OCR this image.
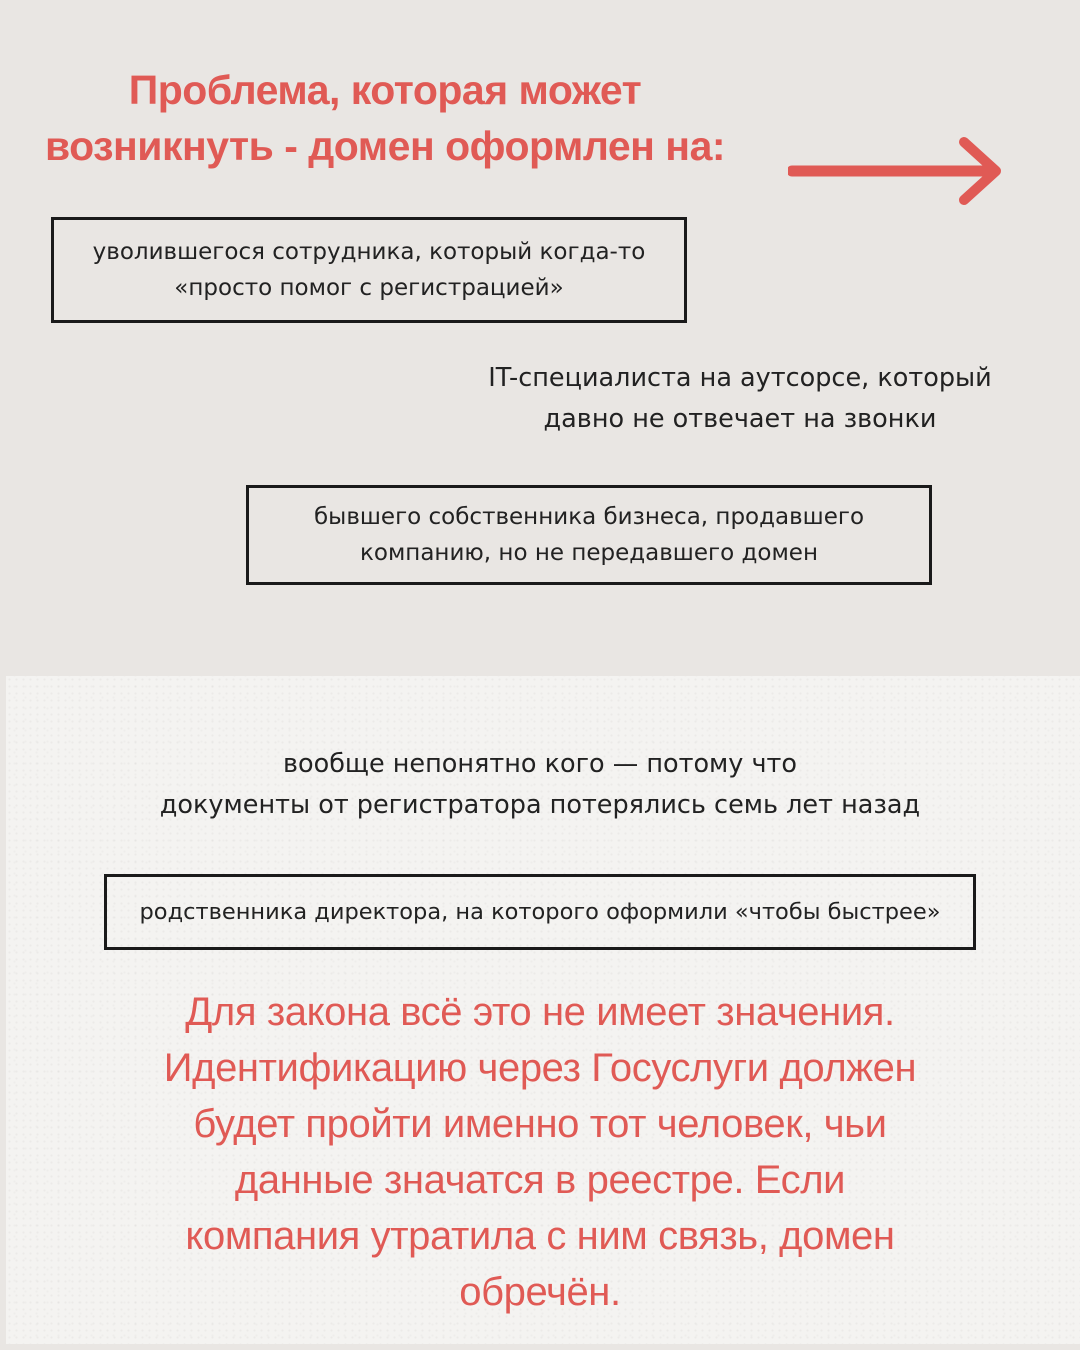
Проблема, которая может
возникнуть - домен оформлен на:
уволившегося сотрудника, который когда-то
«просто помог с регистрацией»

IT-специалиста на аутсорсе, который
давно не отвечает на звонки

бывшего собственника бизнеса, продавшего
компанию, но не передавшего домен

вообще непонятно кого — потому что
документы от регистратора потерялись семь лет назад

родственника директора, на которого оформили «чтобы быстрее»

Для закона всё это не имеет значения.
Идентификацию через Госуслуги должен
будет пройти именно тот человек, чьи
данные значатся в реестре. Если
компания утратила с ним связь, домен
обречён.
